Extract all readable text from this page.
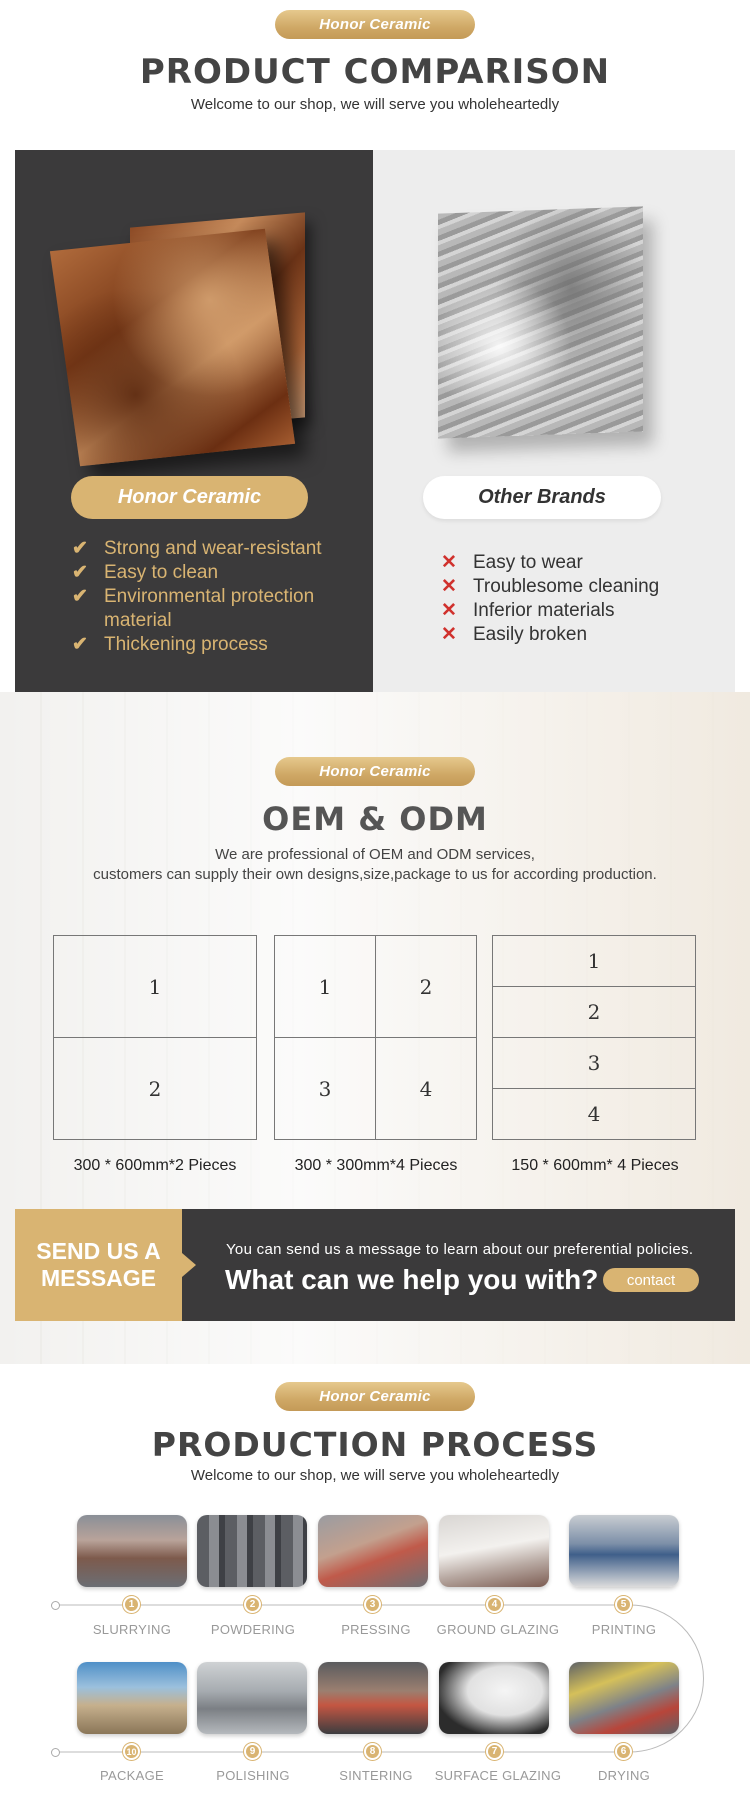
Honor Ceramic
PRODUCT COMPARISON
Welcome to our shop, we will serve you wholeheartedly
Honor Ceramic
✔ Strong and wear-resistant
✔ Easy to clean
✔ Environmental protection material
✔ Thickening process
Other Brands
✕ Easy to wear
✕ Troublesome cleaning
✕ Inferior materials
✕ Easily broken
Honor Ceramic
OEM & ODM
We are professional of OEM and ODM services,
customers can supply their own designs,size,package to us for according production.
1
2
300 * 600mm*2 Pieces
1	2
3	4
300 * 300mm*4 Pieces
1
2
3
4
150 * 600mm* 4 Pieces
SEND US A
MESSAGE
You can send us a message to learn about our preferential policies.
What can we help you with?	contact
Honor Ceramic
PRODUCTION PROCESS
Welcome to our shop, we will serve you wholeheartedly
1	2	3	4	5
SLURRYING	POWDERING	PRESSING	GROUND GLAZING	PRINTING
10	9	8	7	6
PACKAGE	POLISHING	SINTERING	SURFACE GLAZING	DRYING
